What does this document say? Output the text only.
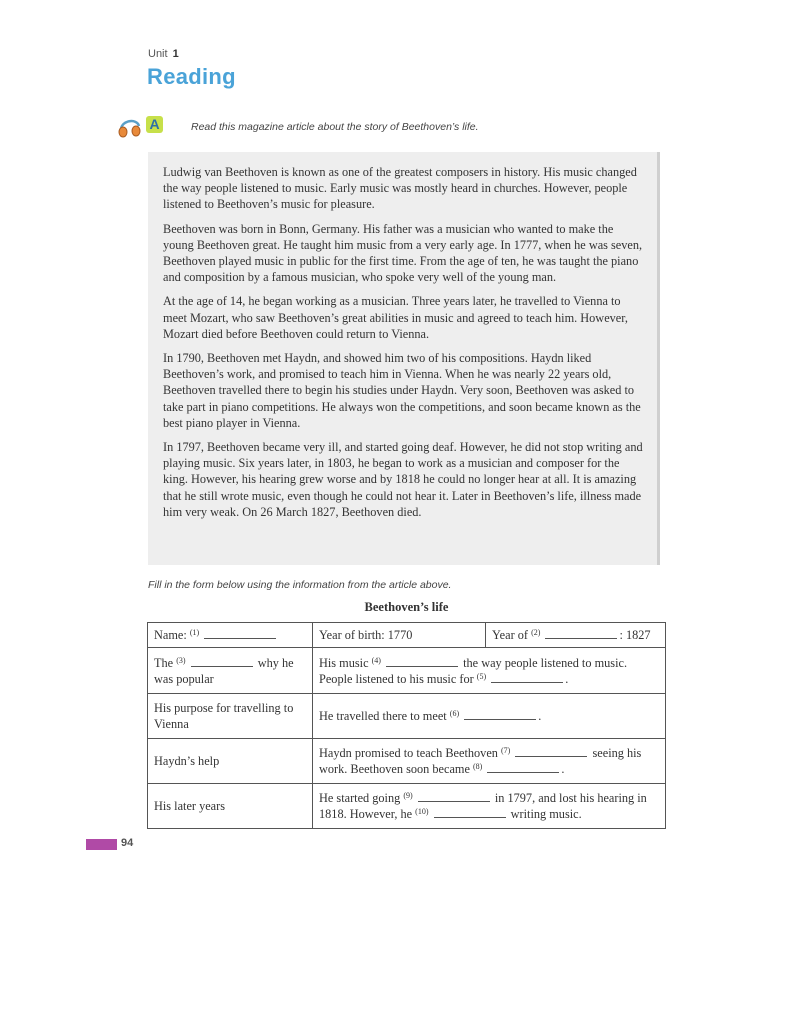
Unit 1
Reading
A	Read this magazine article about the story of Beethoven’s life.

Ludwig van Beethoven is known as one of the greatest composers in history. His music changed the way people listened to music. Early music was mostly heard in churches. However, people listened to Beethoven’s music for pleasure.

Beethoven was born in Bonn, Germany. His father was a musician who wanted to make the young Beethoven great. He taught him music from a very early age. In 1777, when he was seven, Beethoven played music in public for the first time. From the age of ten, he was taught the piano and composition by a famous musician, who spoke very well of the young man.

At the age of 14, he began working as a musician. Three years later, he travelled to Vienna to meet Mozart, who saw Beethoven’s great abilities in music and agreed to teach him. However, Mozart died before Beethoven could return to Vienna.

In 1790, Beethoven met Haydn, and showed him two of his compositions. Haydn liked Beethoven’s work, and promised to teach him in Vienna. When he was nearly 22 years old, Beethoven travelled there to begin his studies under Haydn. Very soon, Beethoven was asked to take part in piano competitions. He always won the competitions, and soon became known as the best piano player in Vienna.

In 1797, Beethoven became very ill, and started going deaf. However, he did not stop writing and playing music. Six years later, in 1803, he began to work as a musician and composer for the king. However, his hearing grew worse and by 1818 he could no longer hear at all. It is amazing that he still wrote music, even though he could not hear it. Later in Beethoven’s life, illness made him very weak. On 26 March 1827, Beethoven died.

Fill in the form below using the information from the article above.
Beethoven’s life
Name: $^{(1)}$	Year of birth: 1770	Year of $^{(2)}$ : 1827
The $^{(3)}$ why he was popular	His music $^{(4)}$ the way people listened to music. People listened to his music for $^{(5)}$ .	
His purpose for travelling to Vienna	He travelled there to meet $^{(6)}$ .	
Haydn’s help	Haydn promised to teach Beethoven $^{(7)}$ seeing his work. Beethoven soon became $^{(8)}$ .	
His later years	He started going $^{(9)}$ in 1797, and lost his hearing in 1818. However, he $^{(10)}$ writing music.	
94
